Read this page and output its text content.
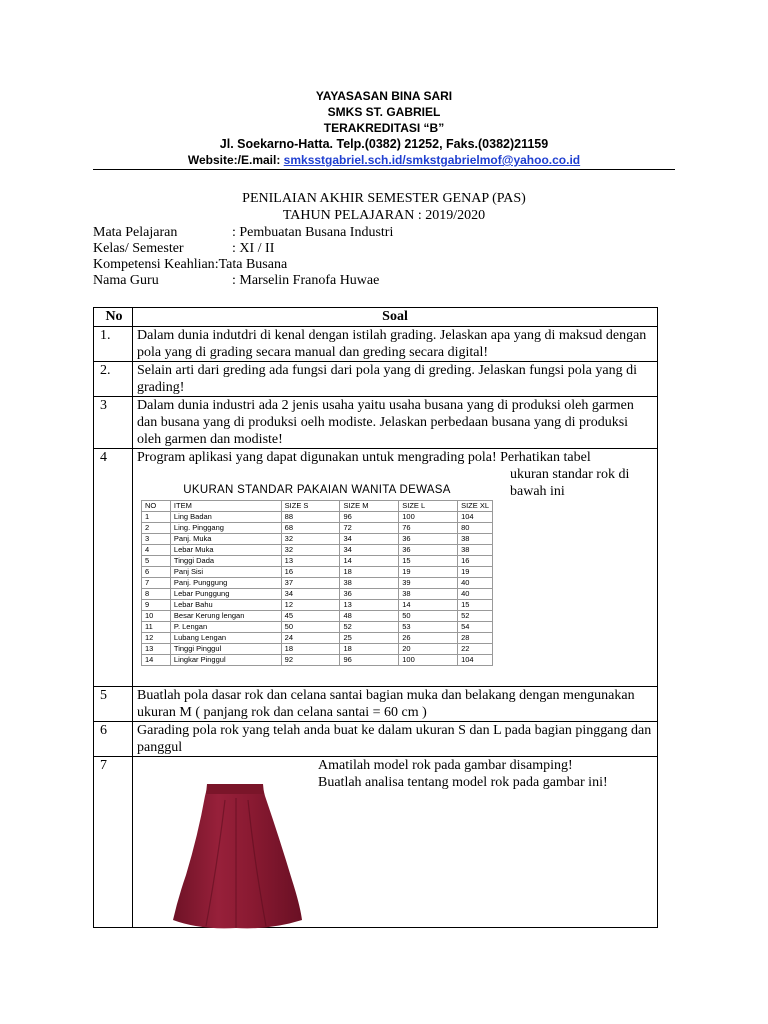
YAYASASAN BINA SARI
SMKS ST. GABRIEL
TERAKREDITASI “B”
Jl. Soekarno-Hatta. Telp.(0382) 21252, Faks.(0382)21159
Website:/E.mail: smksstgabriel.sch.id/smkstgabrielmof@yahoo.co.id
PENILAIAN AKHIR SEMESTER GENAP (PAS)
TAHUN PELAJARAN : 2019/2020
Mata Pelajaran	: Pembuatan Busana Industri
Kelas/ Semester	: XI / II
Kompetensi Keahlian:Tata Busana
Nama Guru	: Marselin Franofa Huwae
No	Soal
1.	Dalam dunia indutdri di kenal dengan istilah grading. Jelaskan apa yang di maksud dengan pola yang di grading secara manual dan greding secara digital!
2.	Selain arti dari greding ada fungsi dari pola yang di greding. Jelaskan fungsi pola yang di grading!
3	Dalam dunia industri ada 2 jenis usaha yaitu usaha busana yang di produksi oleh garmen dan busana yang di produksi oelh modiste. Jelaskan perbedaan busana yang di produksi oleh garmen dan modiste!
4	Program aplikasi yang dapat digunakan untuk mengrading pola! Perhatikan tabel
ukuran standar rok di
bawah ini

5	Buatlah pola dasar rok dan celana santai bagian muka dan belakang dengan mengunakan ukuran M ( panjang rok dan celana santai = 60 cm )
6	Garading pola rok yang telah anda buat ke dalam ukuran S dan L pada bagian pinggang dan panggul
7	Amatilah model rok pada gambar disamping!
Buatlah analisa tentang model rok pada gambar ini!
UKURAN STANDAR PAKAIAN WANITA DEWASA
NO	ITEM	SIZE S	SIZE M	SIZE L	SIZE XL
1	Ling Badan	88	96	100	104
2	Ling. Pinggang	68	72	76	80
3	Panj. Muka	32	34	36	38
4	Lebar Muka	32	34	36	38
5	Tinggi Dada	13	14	15	16
6	Panj Sisi	16	18	19	19
7	Panj. Punggung	37	38	39	40
8	Lebar Punggung	34	36	38	40
9	Lebar Bahu	12	13	14	15
10	Besar Kerung lengan	45	48	50	52
11	P. Lengan	50	52	53	54
12	Lubang Lengan	24	25	26	28
13	Tinggi Pinggul	18	18	20	22
14	Lingkar Pinggul	92	96	100	104
